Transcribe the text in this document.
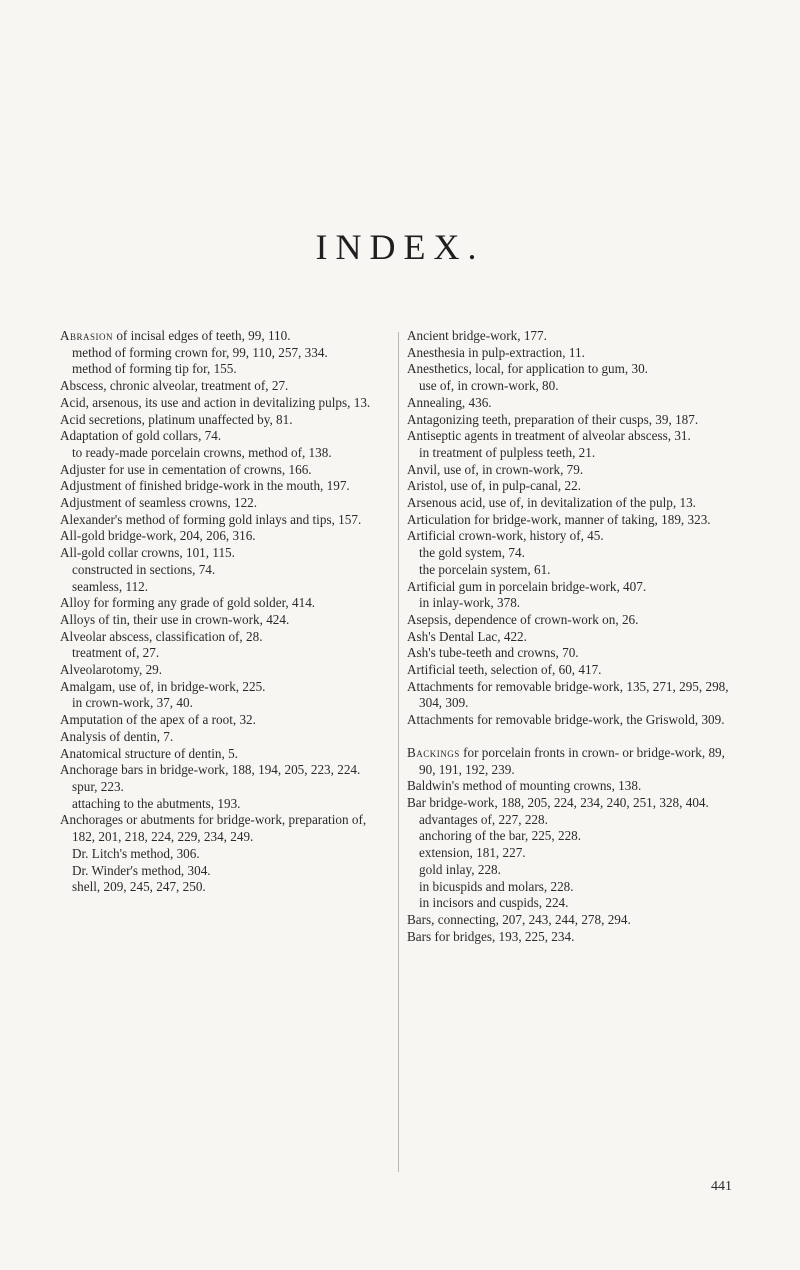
INDEX.

Abrasion of incisal edges of teeth, 99, 110.

method of forming crown for, 99, 110, 257, 334.

method of forming tip for, 155.

Abscess, chronic alveolar, treatment of, 27.

Acid, arsenous, its use and action in devitalizing pulps, 13.

Acid secretions, platinum unaffected by, 81.

Adaptation of gold collars, 74.

to ready-made porcelain crowns, method of, 138.

Adjuster for use in cementation of crowns, 166.

Adjustment of finished bridge-work in the mouth, 197.

Adjustment of seamless crowns, 122.

Alexander's method of forming gold inlays and tips, 157.

All-gold bridge-work, 204, 206, 316.

All-gold collar crowns, 101, 115.

constructed in sections, 74.

seamless, 112.

Alloy for forming any grade of gold solder, 414.

Alloys of tin, their use in crown-work, 424.

Alveolar abscess, classification of, 28.

treatment of, 27.

Alveolarotomy, 29.

Amalgam, use of, in bridge-work, 225.

in crown-work, 37, 40.

Amputation of the apex of a root, 32.

Analysis of dentin, 7.

Anatomical structure of dentin, 5.

Anchorage bars in bridge-work, 188, 194, 205, 223, 224.

spur, 223.

attaching to the abutments, 193.

Anchorages or abutments for bridge-work, preparation of, 182, 201, 218, 224, 229, 234, 249.

Dr. Litch's method, 306.

Dr. Winder's method, 304.

shell, 209, 245, 247, 250.

Ancient bridge-work, 177.

Anesthesia in pulp-extraction, 11.

Anesthetics, local, for application to gum, 30.

use of, in crown-work, 80.

Annealing, 436.

Antagonizing teeth, preparation of their cusps, 39, 187.

Antiseptic agents in treatment of alveolar abscess, 31.

in treatment of pulpless teeth, 21.

Anvil, use of, in crown-work, 79.

Aristol, use of, in pulp-canal, 22.

Arsenous acid, use of, in devitalization of the pulp, 13.

Articulation for bridge-work, manner of taking, 189, 323.

Artificial crown-work, history of, 45.

the gold system, 74.

the porcelain system, 61.

Artificial gum in porcelain bridge-work, 407.

in inlay-work, 378.

Asepsis, dependence of crown-work on, 26.

Ash's Dental Lac, 422.

Ash's tube-teeth and crowns, 70.

Artificial teeth, selection of, 60, 417.

Attachments for removable bridge-work, 135, 271, 295, 298, 304, 309.

Attachments for removable bridge-work, the Griswold, 309.

Backings for porcelain fronts in crown- or bridge-work, 89, 90, 191, 192, 239.

Baldwin's method of mounting crowns, 138.

Bar bridge-work, 188, 205, 224, 234, 240, 251, 328, 404.

advantages of, 227, 228.

anchoring of the bar, 225, 228.

extension, 181, 227.

gold inlay, 228.

in bicuspids and molars, 228.

in incisors and cuspids, 224.

Bars, connecting, 207, 243, 244, 278, 294.

Bars for bridges, 193, 225, 234.

441
